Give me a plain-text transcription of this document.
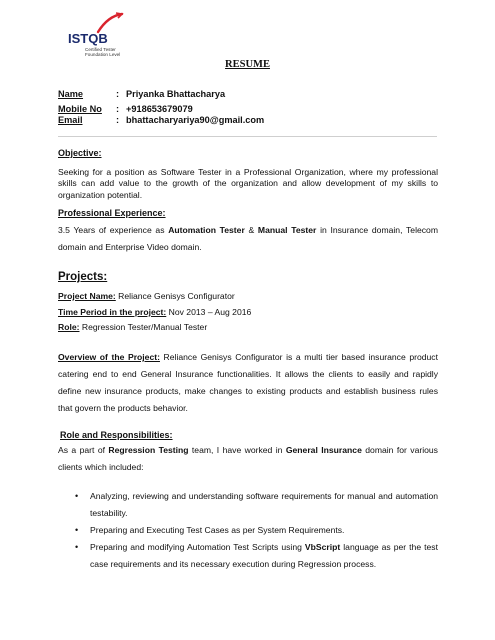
ISTQB
Certified Tester
Foundation Level
RESUME
Name	: Priyanka Bhattacharya
Mobile No : +918653679079
Email	: bhattacharyariya90@gmail.com
Objective:
Seeking for a position as Software Tester in a Professional Organization, where my professional skills can add value to the growth of the organization and allow development of my skills to organization potential.
Professional Experience:
3.5 Years of experience as Automation Tester & Manual Tester in Insurance domain, Telecom domain and Enterprise Video domain.
Projects:
Project Name: Reliance Genisys Configurator
Time Period in the project: Nov 2013 – Aug 2016
Role: Regression Tester/Manual Tester
Overview of the Project: Reliance Genisys Configurator is a multi tier based insurance product catering end to end General Insurance functionalities. It allows the clients to easily and rapidly define new insurance products, make changes to existing products and establish business rules that govern the products behavior.
Role and Responsibilities:
As a part of Regression Testing team, I have worked in General Insurance domain for various clients which included:
• Analyzing, reviewing and understanding software requirements for manual and automation testability.
• Preparing and Executing Test Cases as per System Requirements.
• Preparing and modifying Automation Test Scripts using VbScript language as per the test case requirements and its necessary execution during Regression process.
